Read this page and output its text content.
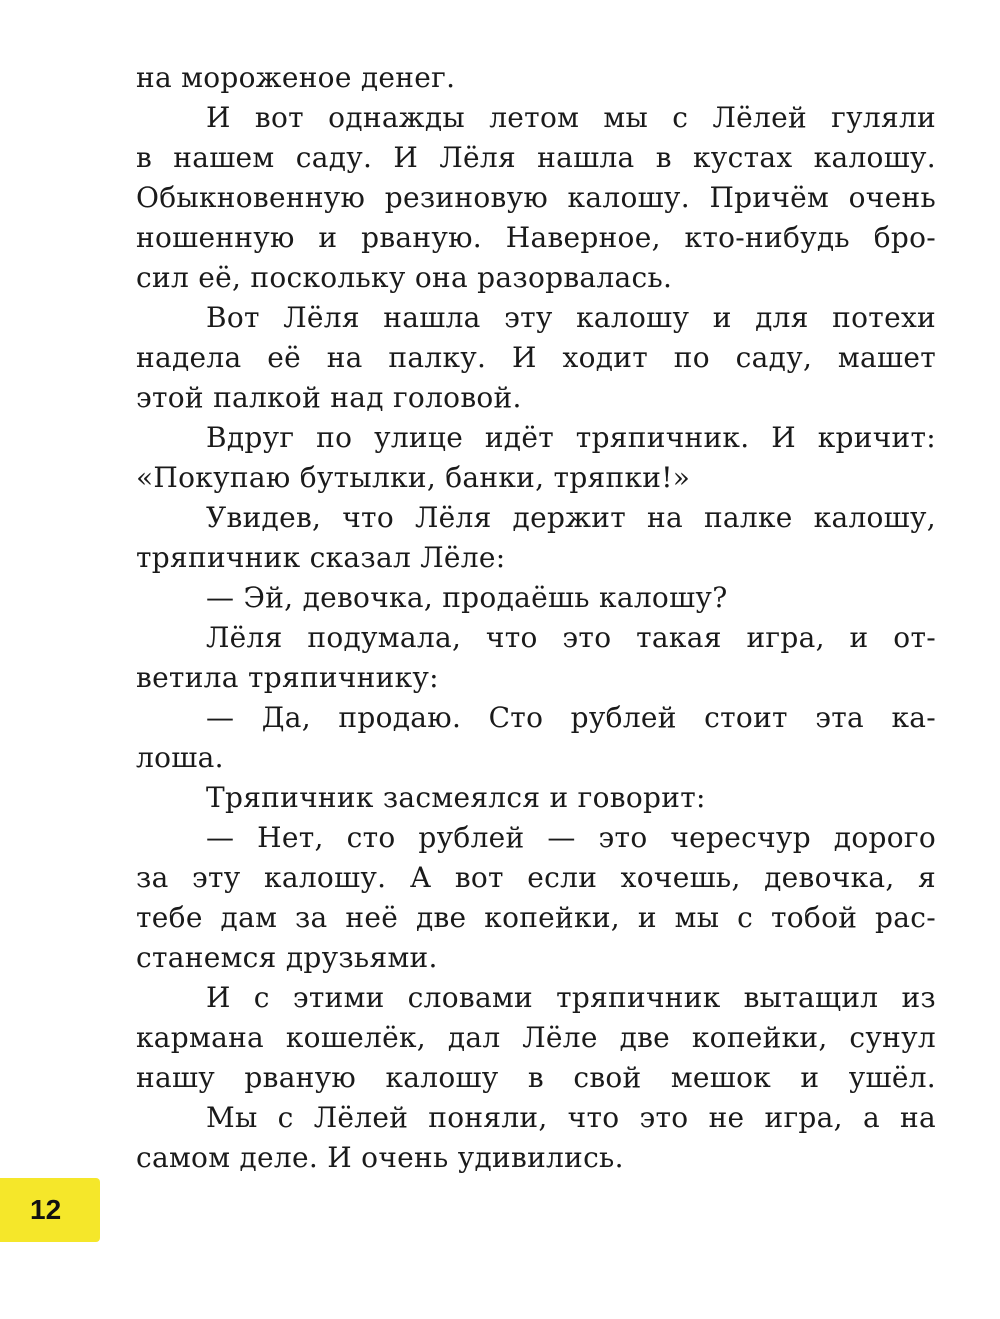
на мороженое денег.
И вот однажды летом мы с Лёлей гуляли
в нашем саду. И Лёля нашла в кустах калошу.
Обыкновенную резиновую калошу. Причём очень
ношенную и рваную. Наверное, кто-нибудь бро-
сил её, поскольку она разорвалась.
Вот Лёля нашла эту калошу и для потехи
надела её на палку. И ходит по саду, машет
этой палкой над головой.
Вдруг по улице идёт тряпичник. И кричит:
«Покупаю бутылки, банки, тряпки!»
Увидев, что Лёля держит на палке калошу,
тряпичник сказал Лёле:
— Эй, девочка, продаёшь калошу?
Лёля подумала, что это такая игра, и от-
ветила тряпичнику:
— Да, продаю. Сто рублей стоит эта ка-
лоша.
Тряпичник засмеялся и говорит:
— Нет, сто рублей — это чересчур дорого
за эту калошу. А вот если хочешь, девочка, я
тебе дам за неё две копейки, и мы с тобой рас-
станемся друзьями.
И с этими словами тряпичник вытащил из
кармана кошелёк, дал Лёле две копейки, сунул
нашу рваную калошу в свой мешок и ушёл.
Мы с Лёлей поняли, что это не игра, а на
самом деле. И очень удивились.
12
